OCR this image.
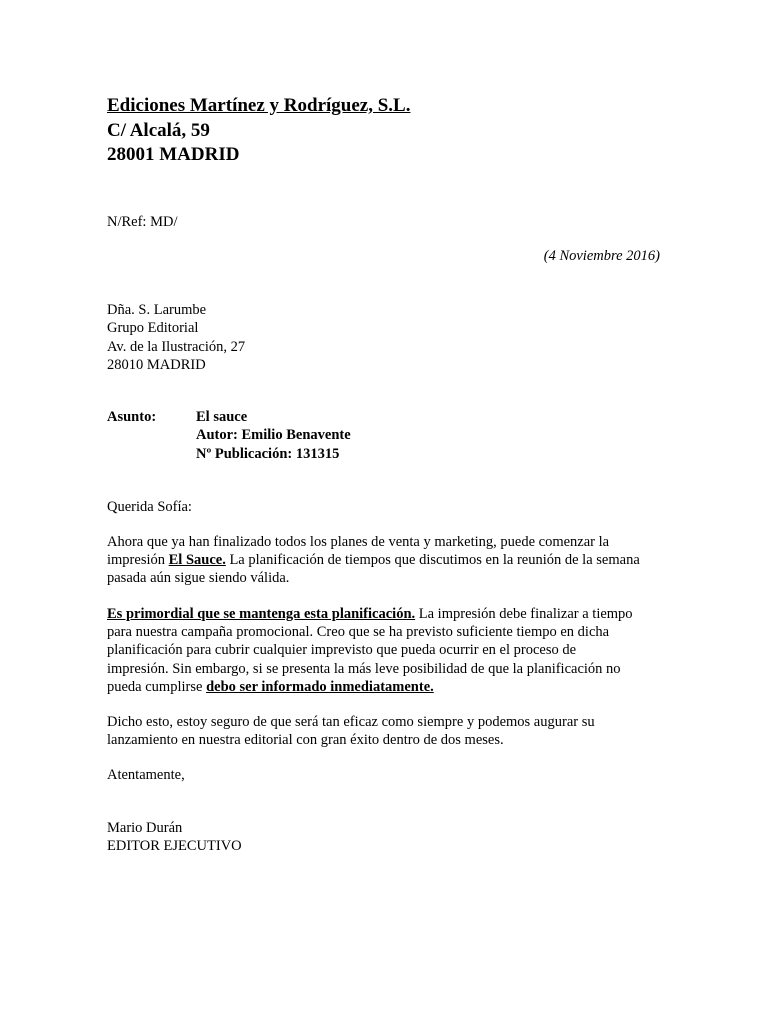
Ediciones Martínez y Rodríguez, S.L.
C/ Alcalá, 59
28001 MADRID
N/Ref: MD/
(4 Noviembre 2016)
Dña. S. Larumbe
Grupo Editorial
Av. de la Ilustración, 27
28010 MADRID
Asunto:	El sauce
Autor: Emilio Benavente
Nº Publicación: 131315
Querida Sofía:
Ahora que ya han finalizado todos los planes de venta y marketing, puede comenzar la
impresión El Sauce. La planificación de tiempos que discutimos en la reunión de la semana
pasada aún sigue siendo válida.
Es primordial que se mantenga esta planificación. La impresión debe finalizar a tiempo
para nuestra campaña promocional. Creo que se ha previsto suficiente tiempo en dicha
planificación para cubrir cualquier imprevisto que pueda ocurrir en el proceso de
impresión. Sin embargo, si se presenta la más leve posibilidad de que la planificación no
pueda cumplirse debo ser informado inmediatamente.
Dicho esto, estoy seguro de que será tan eficaz como siempre y podemos augurar su
lanzamiento en nuestra editorial con gran éxito dentro de dos meses.
Atentamente,
Mario Durán
EDITOR EJECUTIVO
